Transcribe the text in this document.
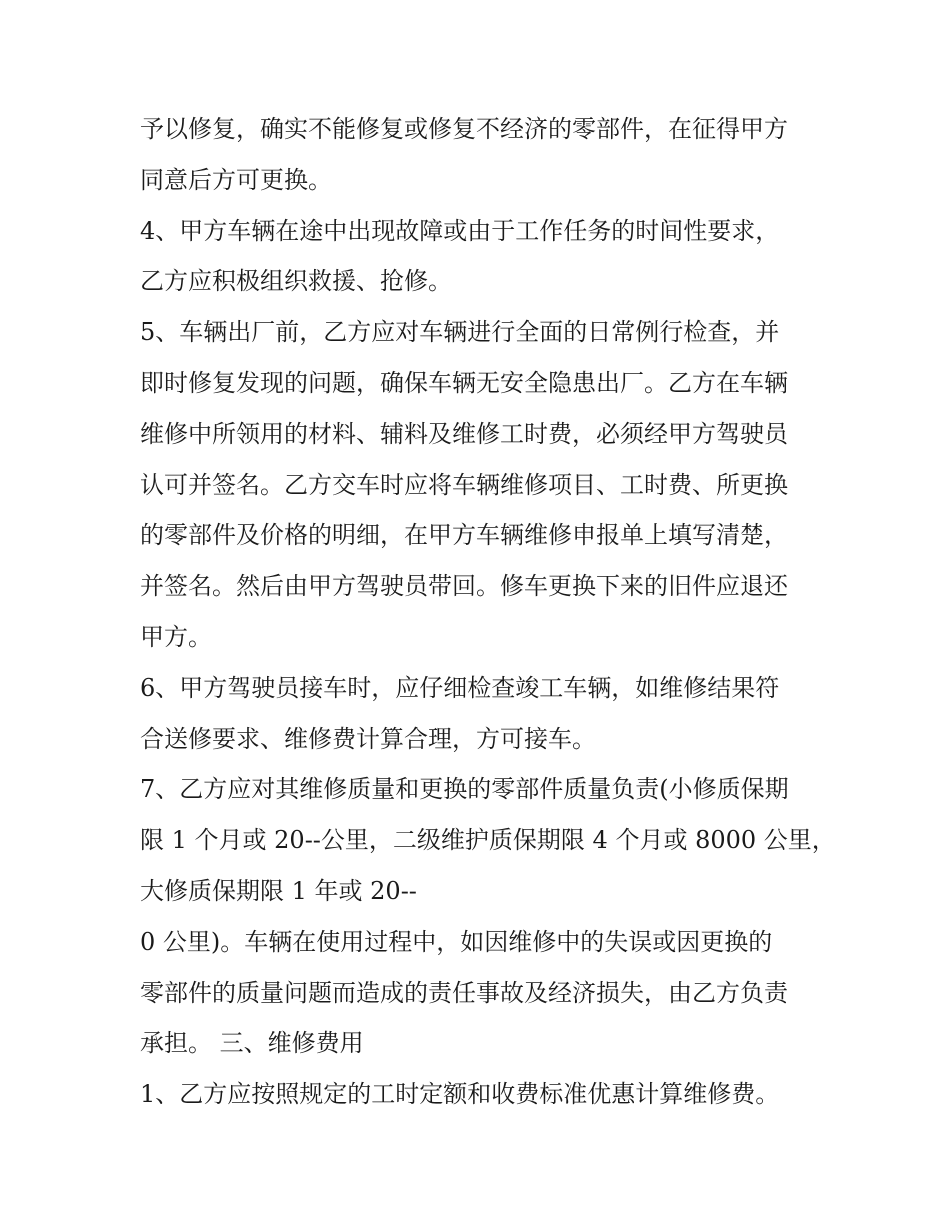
予以修复，确实不能修复或修复不经济的零部件，在征得甲方
同意后方可更换。
4、甲方车辆在途中出现故障或由于工作任务的时间性要求，
乙方应积极组织救援、抢修。
5、车辆出厂前，乙方应对车辆进行全面的日常例行检查，并
即时修复发现的问题，确保车辆无安全隐患出厂。乙方在车辆
维修中所领用的材料、辅料及维修工时费，必须经甲方驾驶员
认可并签名。乙方交车时应将车辆维修项目、工时费、所更换
的零部件及价格的明细，在甲方车辆维修申报单上填写清楚，
并签名。然后由甲方驾驶员带回。修车更换下来的旧件应退还
甲方。
6、甲方驾驶员接车时，应仔细检查竣工车辆，如维修结果符
合送修要求、维修费计算合理，方可接车。
7、乙方应对其维修质量和更换的零部件质量负责(小修质保期
限 1 个月或 20--公里，二级维护质保期限 4 个月或 8000 公里，
大修质保期限 1 年或 20--
0 公里)。车辆在使用过程中，如因维修中的失误或因更换的
零部件的质量问题而造成的责任事故及经济损失，由乙方负责
承担。 三、维修费用
1、乙方应按照规定的工时定额和收费标准优惠计算维修费。
